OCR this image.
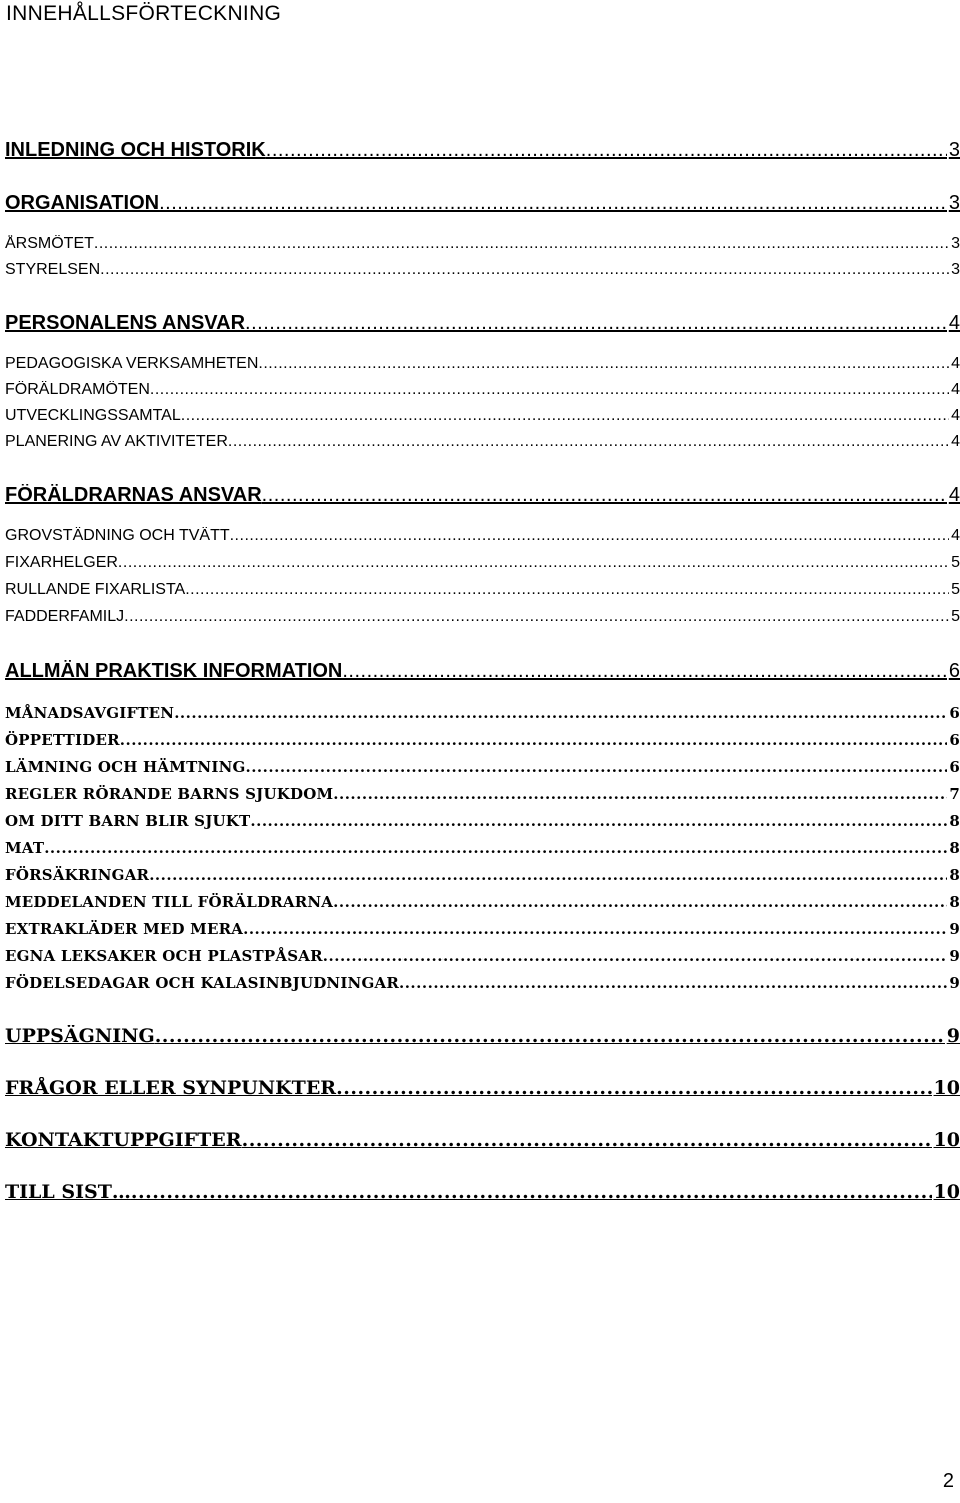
INNEHÅLLSFÖRTECKNING
INLEDNING OCH HISTORIK .....	3
ORGANISATION .....	3
ÅRSMÖTET .....	3
STYRELSEN .....	3
PERSONALENS ANSVAR .....	4
PEDAGOGISKA VERKSAMHETEN .....	4
FÖRÄLDRAMÖTEN .....	4
UTVECKLINGSSAMTAL .....	4
PLANERING AV AKTIVITETER .....	4
FÖRÄLDRARNAS ANSVAR .....	4
GROVSTÄDNING OCH TVÄTT .....	4
FIXARHELGER .....	5
RULLANDE FIXARLISTA .....	5
FADDERFAMILJ .....	5
ALLMÄN PRAKTISK INFORMATION .....	6
MÅNADSAVGIFTEN .....	6
ÖPPETTIDER .....	6
LÄMNING OCH HÄMTNING .....	6
REGLER RÖRANDE BARNS SJUKDOM .....	7
OM DITT BARN BLIR SJUKT .....	8
MAT .....	8
FÖRSÄKRINGAR .....	8
MEDDELANDEN TILL FÖRÄLDRARNA .....	8
EXTRAKLÄDER MED MERA .....	9
EGNA LEKSAKER OCH PLASTPÅSAR .....	9
FÖDELSEDAGAR OCH KALASINBJUDNINGAR .....	9
UPPSÄGNING .....	9
FRÅGOR ELLER SYNPUNKTER .....	10
KONTAKTUPPGIFTER .....	10
TILL SIST… .....	10
2
